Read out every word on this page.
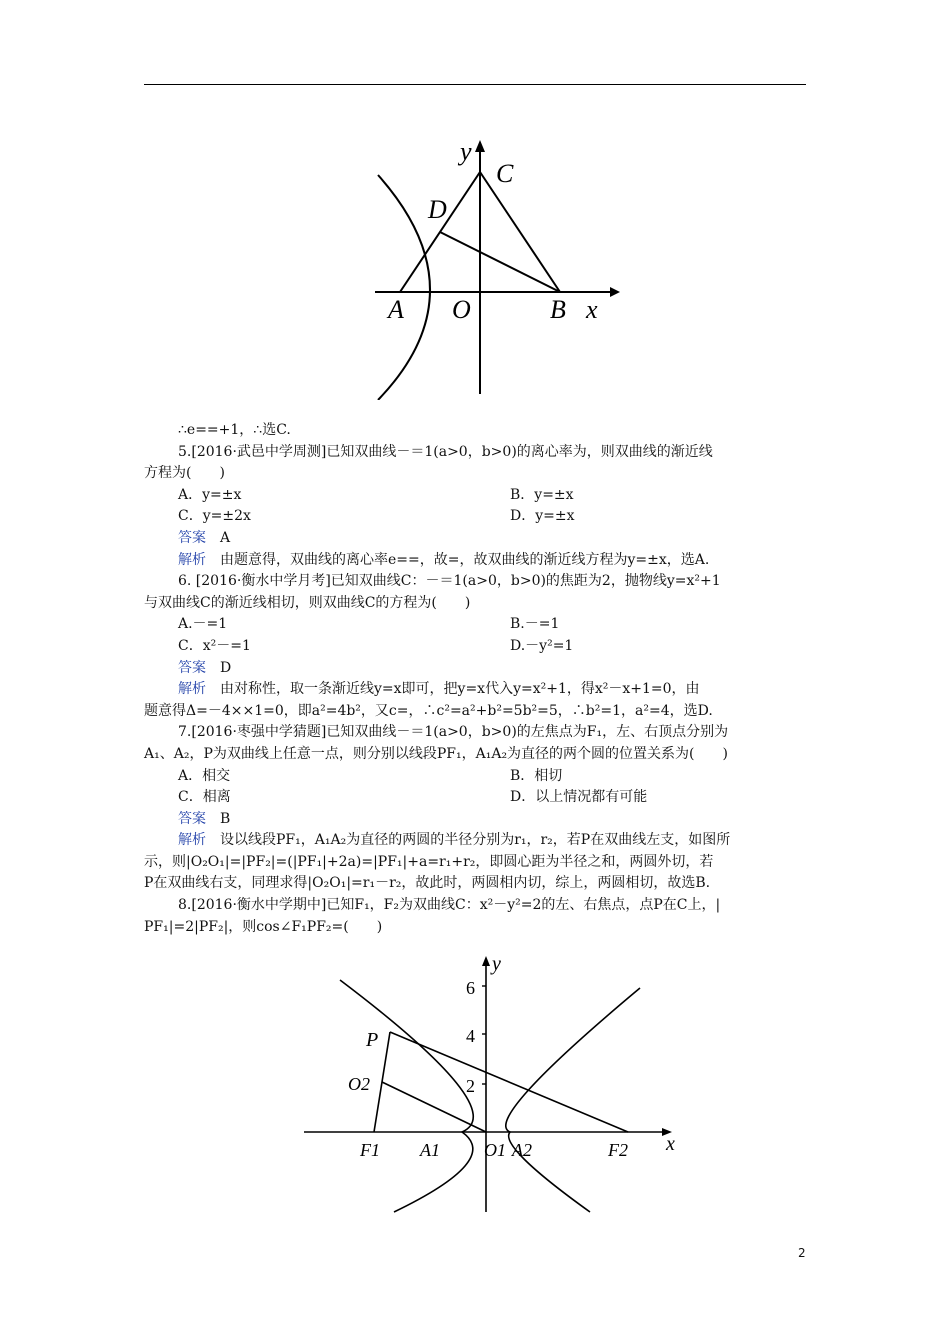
y
C
D
A O	B x
∴e==+1，∴选C.
5.[2016·武邑中学周测]已知双曲线－＝1(a>0，b>0)的离心率为，则双曲线的渐近线
方程为(　　)
A．y=±x	B．y=±x
C．y=±2x	D．y=±x
答案 A
解析 由题意得，双曲线的离心率e==，故=，故双曲线的渐近线方程为y=±x，选A.
6. [2016·衡水中学月考]已知双曲线C：－＝1(a>0，b>0)的焦距为2，抛物线y=x²+1
与双曲线C的渐近线相切，则双曲线C的方程为(　　)
A.－=1	B.－=1
C．x²－=1	D.－y²=1
答案 D
解析 由对称性，取一条渐近线y=x即可，把y=x代入y=x²+1，得x²－x+1=0，由
题意得Δ=－4××1=0，即a²=4b²，又c=，∴c²=a²+b²=5b²=5，∴b²=1，a²=4，选D.
7.[2016·枣强中学猜题]已知双曲线－＝1(a>0，b>0)的左焦点为F₁，左、右顶点分别为
A₁、A₂，P为双曲线上任意一点，则分别以线段PF₁，A₁A₂为直径的两个圆的位置关系为(　　)
A．相交	B．相切
C．相离	D．以上情况都有可能
答案 B
解析 设以线段PF₁，A₁A₂为直径的两圆的半径分别为r₁，r₂，若P在双曲线左支，如图所
示，则|O₂O₁|=|PF₂|=(|PF₁|+2a)=|PF₁|+a=r₁+r₂，即圆心距为半径之和，两圆外切，若
P在双曲线右支，同理求得|O₂O₁|=r₁－r₂，故此时，两圆相内切，综上，两圆相切，故选B.
8.[2016·衡水中学期中]已知F₁，F₂为双曲线C：x²－y²=2的左、右焦点，点P在C上，|
PF₁|=2|PF₂|，则cos∠F₁PF₂=(　　)
6
4
2
y
x
P
O2
F1 A1 O1 A2	F2
2
